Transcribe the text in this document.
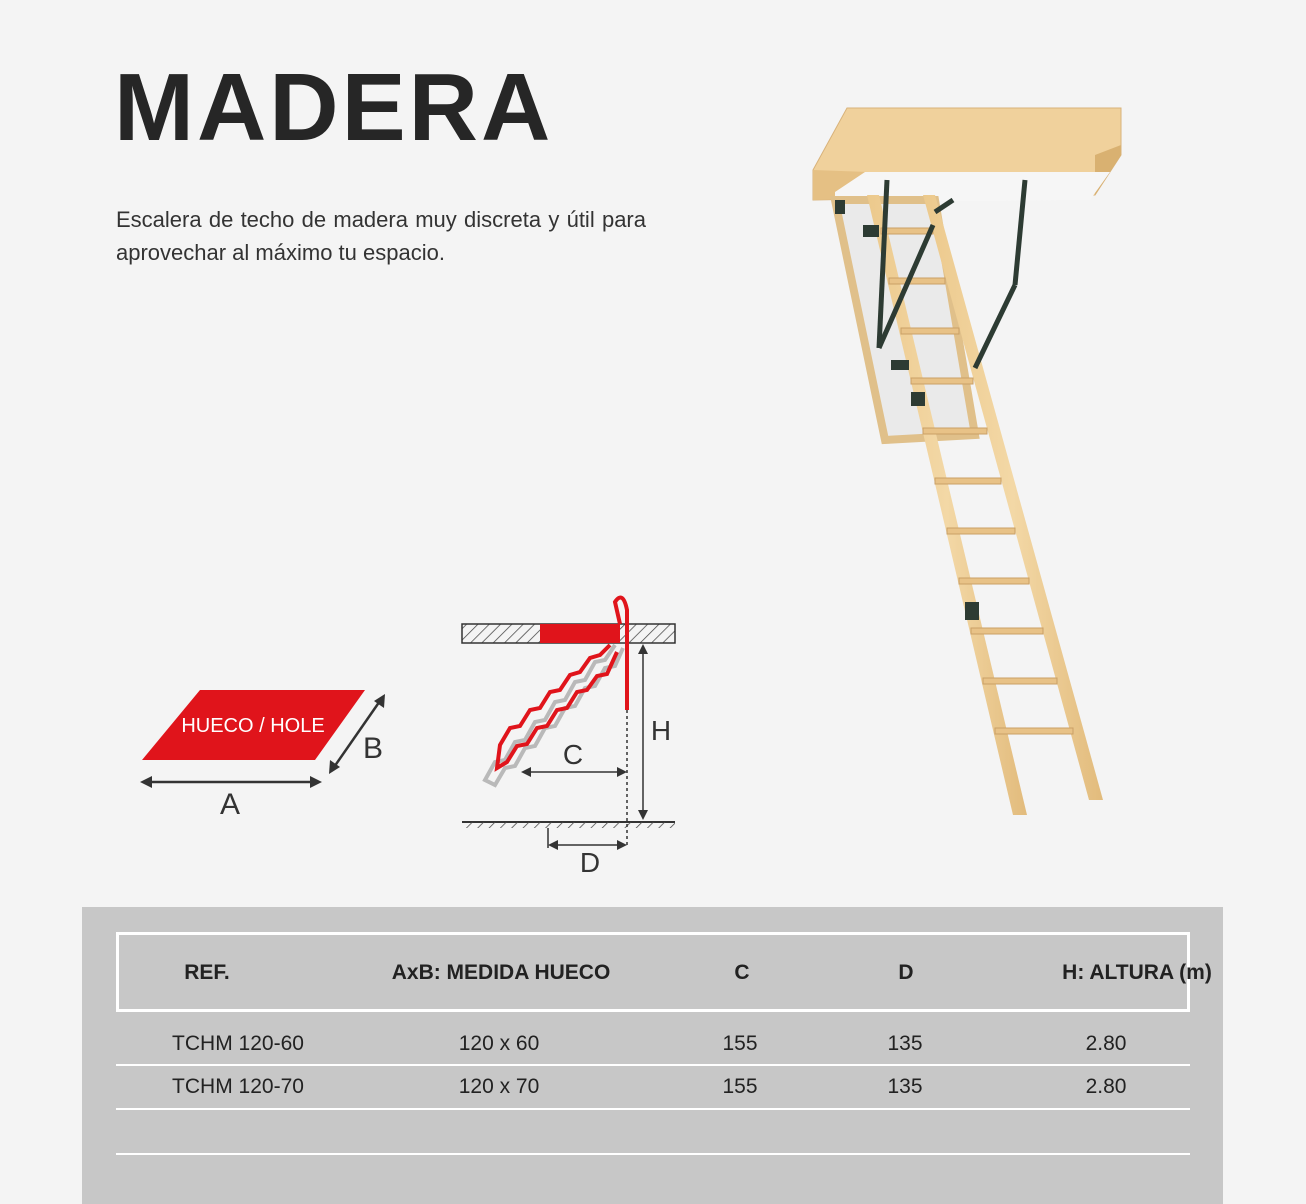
MADERA

Escalera de techo de madera muy discreta y útil para aprovechar al máximo tu espacio.

HUECO / HOLE
A
B
H
C
D
REF.	AxB: MEDIDA HUECO	C	D	H: ALTURA (m)
TCHM 120-60	120 x 60	155	135	2.80
TCHM 120-70	120 x 70	155	135	2.80
